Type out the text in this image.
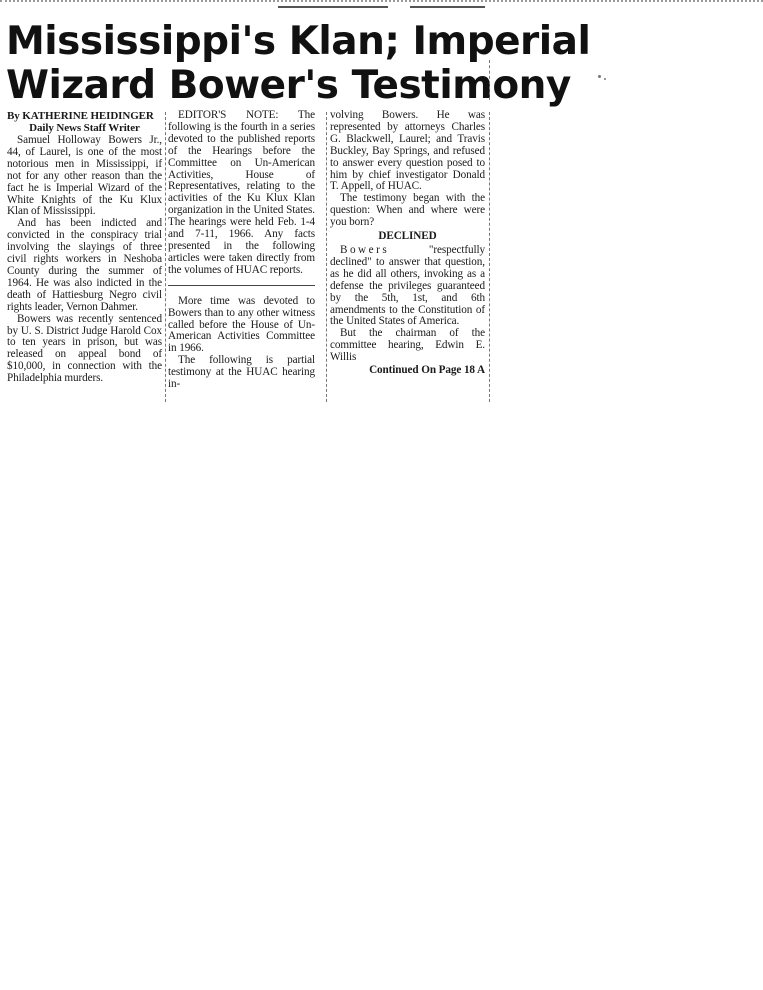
Mississippi's Klan; Imperial
Wizard Bower's Testimony

By KATHERINE HEIDINGER

Daily News Staff Writer

Samuel Holloway Bowers Jr., 44, of Laurel, is one of the most notorious men in Mississippi, if not for any other reason than the fact he is Imperial Wizard of the White Knights of the Ku Klux Klan of Mississippi.

And has been indicted and convicted in the conspiracy trial involving the slayings of three civil rights workers in Neshoba County during the summer of 1964. He was also indicted in the death of Hattiesburg Negro civil rights leader, Vernon Dahmer.

Bowers was recently sentenced by U. S. District Judge Harold Cox to ten years in prison, but was released on appeal bond of $10,000, in connection with the Philadelphia murders.

EDITOR'S NOTE: The following is the fourth in a series devoted to the published reports of the Hearings before the Committee on Un-American Activities, House of Representatives, relating to the activities of the Ku Klux Klan organization in the United States. The hearings were held Feb. 1-4 and 7-11, 1966. Any facts presented in the following articles were taken directly from the volumes of HUAC reports.

More time was devoted to Bowers than to any other witness called before the House of Un-American Activities Committee in 1966.

The following is partial testimony at the HUAC hearing in-

volving Bowers. He was represented by attorneys Charles G. Blackwell, Laurel; and Travis Buckley, Bay Springs, and refused to answer every question posed to him by chief investigator Donald T. Appell, of HUAC.

The testimony began with the question: When and where were you born?

DECLINED

Bowers "respectfully declined" to answer that question, as he did all others, invoking as a defense the privileges guaranteed by the 5th, 1st, and 6th amendments to the Constitution of the United States of America.

But the chairman of the committee hearing, Edwin E. Willis

Continued On Page 18 A
